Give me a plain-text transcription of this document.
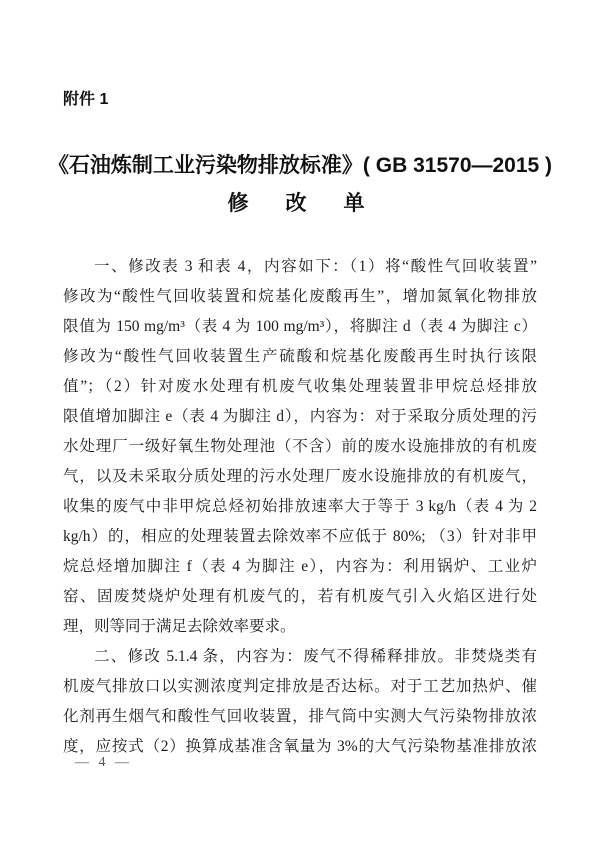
附件 1
《石油炼制工业污染物排放标准》( GB 31570—2015 )
修　改　单
一、修改表 3 和表 4，内容如下：（1）将“酸性气回收装置”
修改为“酸性气回收装置和烷基化废酸再生”，增加氮氧化物排放
限值为 150 mg/m³（表 4 为 100 mg/m³），将脚注 d（表 4 为脚注 c）
修改为“酸性气回收装置生产硫酸和烷基化废酸再生时执行该限
值”；（2）针对废水处理有机废气收集处理装置非甲烷总烃排放
限值增加脚注 e（表 4 为脚注 d），内容为：对于采取分质处理的污
水处理厂一级好氧生物处理池（不含）前的废水设施排放的有机废
气，以及未采取分质处理的污水处理厂废水设施排放的有机废气，
收集的废气中非甲烷总烃初始排放速率大于等于 3 kg/h（表 4 为 2
kg/h）的，相应的处理装置去除效率不应低于 80%; （3）针对非甲
烷总烃增加脚注 f（表 4 为脚注 e），内容为：利用锅炉、工业炉
窑、固废焚烧炉处理有机废气的，若有机废气引入火焰区进行处
理，则等同于满足去除效率要求。
二、修改 5.1.4 条，内容为：废气不得稀释排放。非焚烧类有
机废气排放口以实测浓度判定排放是否达标。对于工艺加热炉、催
化剂再生烟气和酸性气回收装置，排气筒中实测大气污染物排放浓
度，应按式（2）换算成基准含氧量为 3%的大气污染物基准排放浓
— 4 —
